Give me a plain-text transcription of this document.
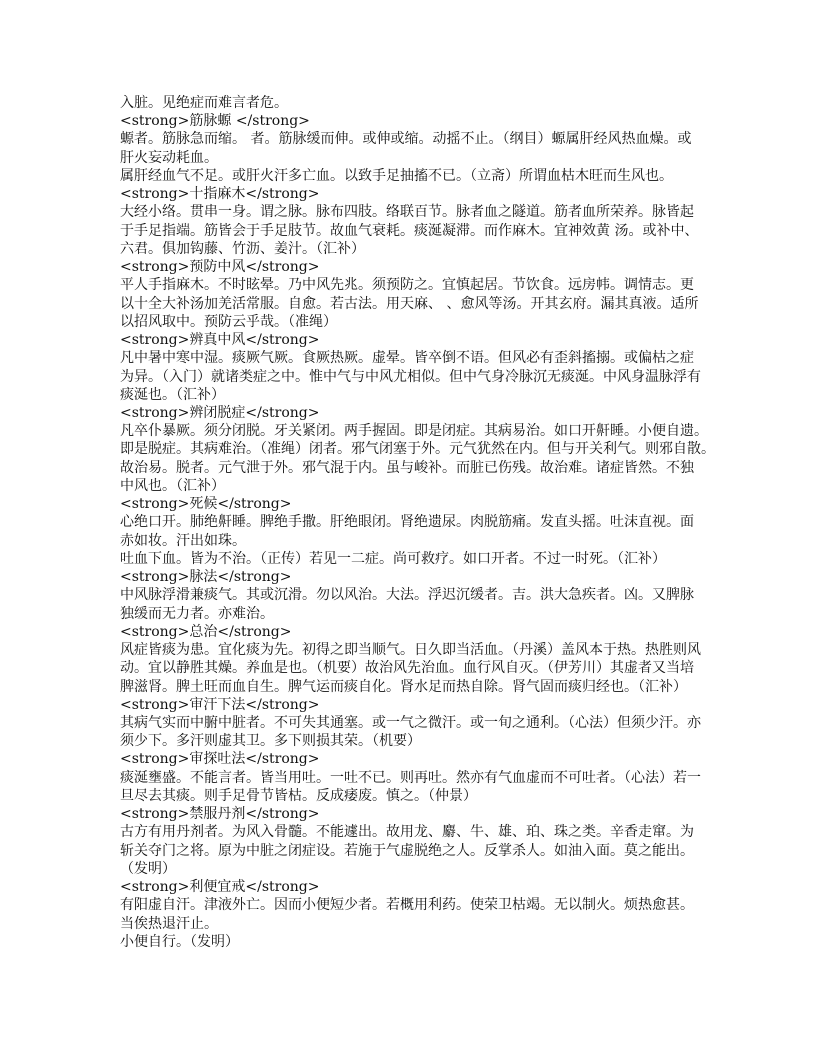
入脏。见绝症而难言者危。
<strong>筋脉螈 </strong>
螈者。筋脉急而缩。 者。筋脉缓而伸。或伸或缩。动摇不止。（纲目）螈属肝经风热血燥。或
肝火妄动耗血。
属肝经血气不足。或肝火汗多亡血。以致手足抽搐不已。（立斋）所谓血枯木旺而生风也。
<strong>十指麻木</strong>
大经小络。贯串一身。谓之脉。脉布四肢。络联百节。脉者血之隧道。筋者血所荣养。脉皆起
于手足指端。筋皆会于手足肢节。故血气衰耗。痰涎凝滞。而作麻木。宜神效黄 汤。或补中、
六君。俱加钩藤、竹沥、姜汁。（汇补）
<strong>预防中风</strong>
平人手指麻木。不时眩晕。乃中风先兆。须预防之。宜慎起居。节饮食。远房帏。调情志。更
以十全大补汤加羌活常服。自愈。若古法。用天麻、 、愈风等汤。开其玄府。漏其真液。适所
以招风取中。预防云乎哉。（准绳）
<strong>辨真中风</strong>
凡中暑中寒中湿。痰厥气厥。食厥热厥。虚晕。皆卒倒不语。但风必有歪斜搐搦。或偏枯之症
为异。（入门）就诸类症之中。惟中气与中风尤相似。但中气身冷脉沉无痰涎。中风身温脉浮有
痰涎也。（汇补）
<strong>辨闭脱症</strong>
凡卒仆暴厥。须分闭脱。牙关紧闭。两手握固。即是闭症。其病易治。如口开鼾睡。小便自遗。
即是脱症。其病难治。（准绳）闭者。邪气闭塞于外。元气犹然在内。但与开关利气。则邪自散。
故治易。脱者。元气泄于外。邪气混于内。虽与峻补。而脏已伤残。故治难。诸症皆然。不独
中风也。（汇补）
<strong>死候</strong>
心绝口开。肺绝鼾睡。脾绝手撒。肝绝眼闭。肾绝遗尿。肉脱筋痛。发直头摇。吐沫直视。面
赤如妆。汗出如珠。
吐血下血。皆为不治。（正传）若见一二症。尚可救疗。如口开者。不过一时死。（汇补）
<strong>脉法</strong>
中风脉浮滑兼痰气。其或沉滑。勿以风治。大法。浮迟沉缓者。吉。洪大急疾者。凶。又脾脉
独缓而无力者。亦难治。
<strong>总治</strong>
风症皆痰为患。宜化痰为先。初得之即当顺气。日久即当活血。（丹溪）盖风本于热。热胜则风
动。宜以静胜其燥。养血是也。（机要）故治风先治血。血行风自灭。（伊芳川）其虚者又当培
脾滋肾。脾土旺而血自生。脾气运而痰自化。肾水足而热自除。肾气固而痰归经也。（汇补）
<strong>审汗下法</strong>
其病气实而中腑中脏者。不可失其通塞。或一气之微汗。或一旬之通利。（心法）但须少汗。亦
须少下。多汗则虚其卫。多下则损其荣。（机要）
<strong>审探吐法</strong>
痰涎壅盛。不能言者。皆当用吐。一吐不已。则再吐。然亦有气血虚而不可吐者。（心法）若一
旦尽去其痰。则手足骨节皆枯。反成痿废。慎之。（仲景）
<strong>禁服丹剂</strong>
古方有用丹剂者。为风入骨髓。不能遽出。故用龙、麝、牛、雄、珀、珠之类。辛香走窜。为
斩关夺门之将。原为中脏之闭症设。若施于气虚脱绝之人。反掌杀人。如油入面。莫之能出。
（发明）
<strong>利便宜戒</strong>
有阳虚自汗。津液外亡。因而小便短少者。若概用利药。使荣卫枯竭。无以制火。烦热愈甚。
当俟热退汗止。
小便自行。（发明）
